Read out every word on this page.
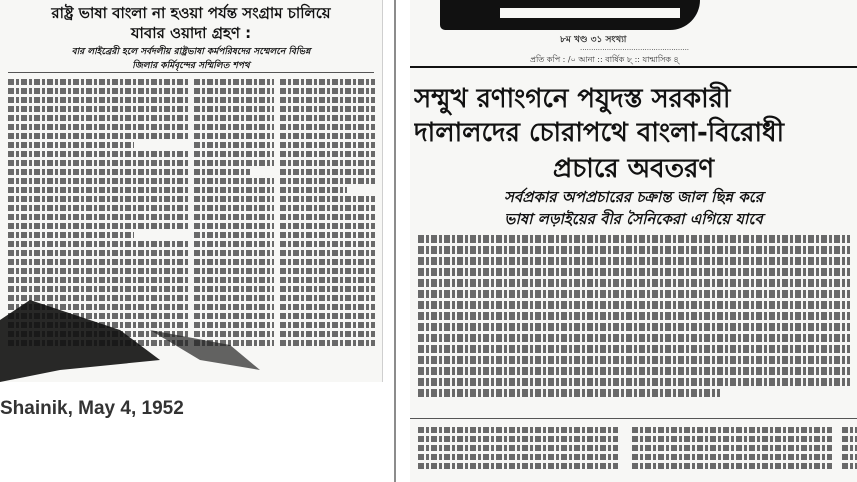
রাষ্ট্র ভাষা বাংলা না হওয়া পর্যন্ত সংগ্রাম চালিয়ে
যাবার ওয়াদা গ্রহণ :
বার লাইব্রেরী হলে সর্বদলীয় রাষ্ট্রভাষা কর্মপরিষদের সম্মেলনে বিভিন্ন
জিলার কর্মিবৃন্দের সম্মিলিত শপথ
Shainik, May 4, 1952
৮ম খণ্ড ৩১ সংখ্যা
.................................................
প্রতি কপি : /০ আনা :: বার্ষিক ৮্ :: যান্মাসিক ৪্
সম্মুখ রণাংগনে পযুদস্ত সরকারী
দালালদের চোরাপথে বাংলা-বিরোধী
প্রচারে অবতরণ
সর্বপ্রকার অপপ্রচারের চক্রান্ত জাল ছিন্ন করে
ভাষা লড়াইয়ের বীর সৈনিকেরা এগিয়ে যাবে
